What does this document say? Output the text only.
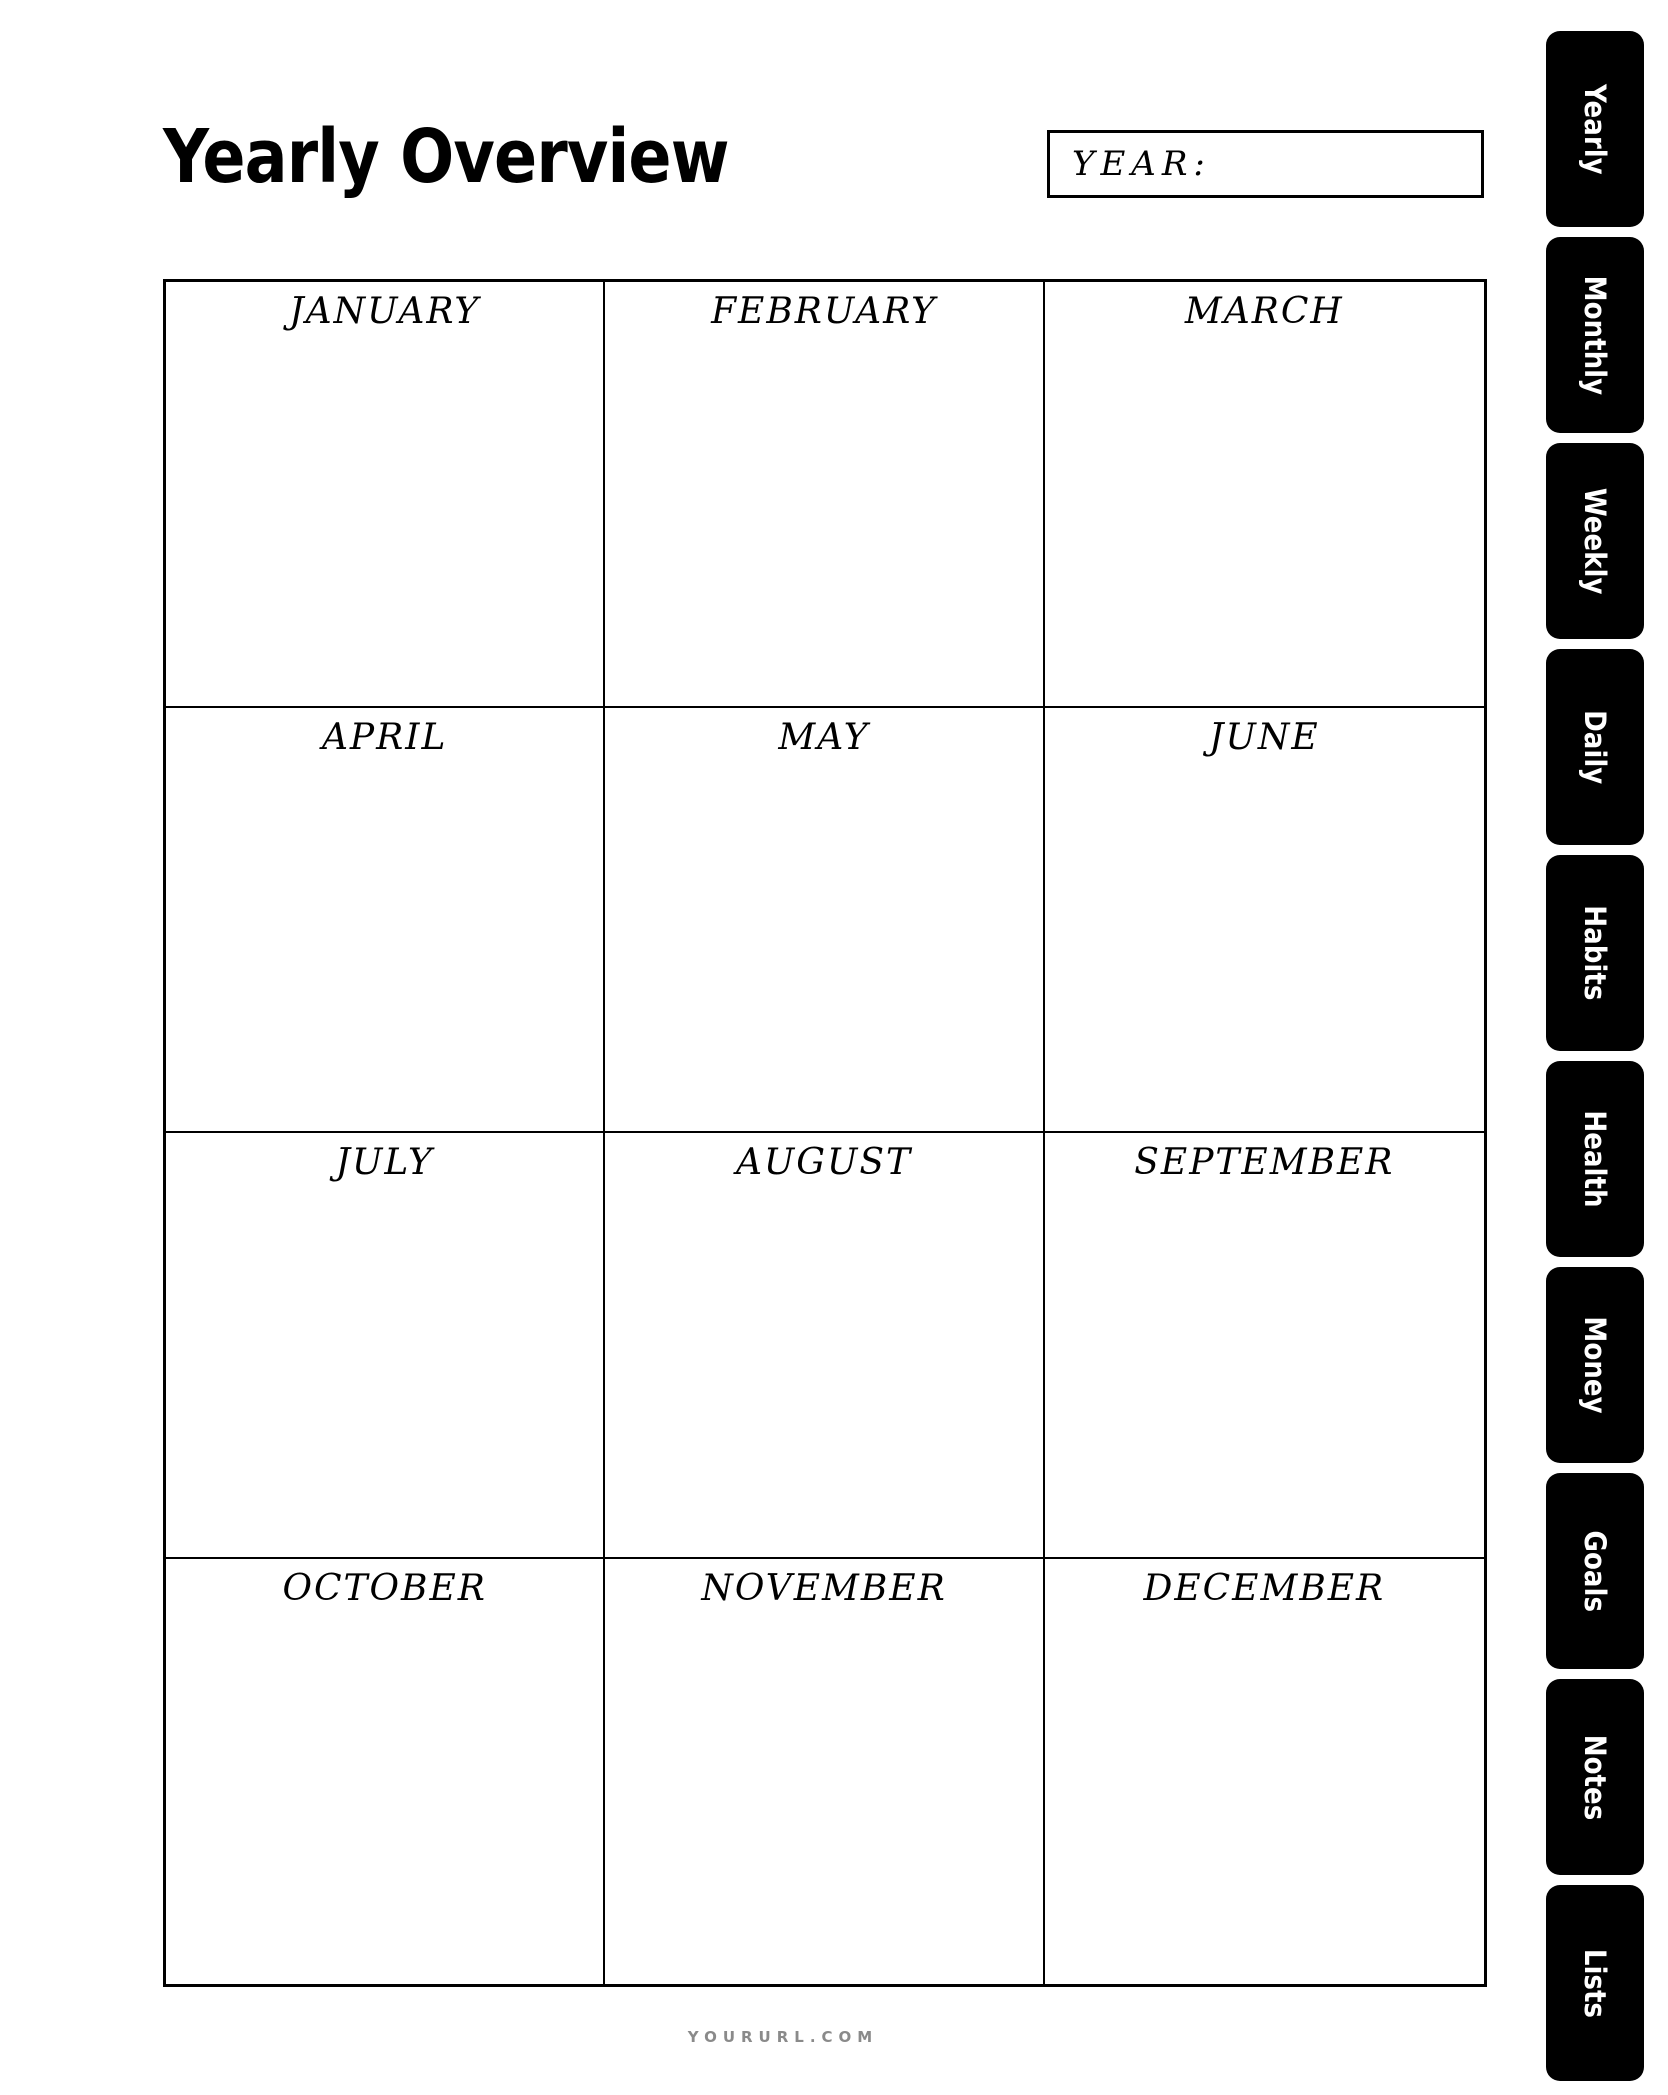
Yearly Overview	YEAR:
JANUARY	FEBRUARY	MARCH
APRIL	MAY	JUNE
JULY	AUGUST	SEPTEMBER
OCTOBER	NOVEMBER	DECEMBER
Yearly
Monthly
Weekly
Daily
Habits
Health
Money
Goals
Notes
Lists
YOURURL.COM
